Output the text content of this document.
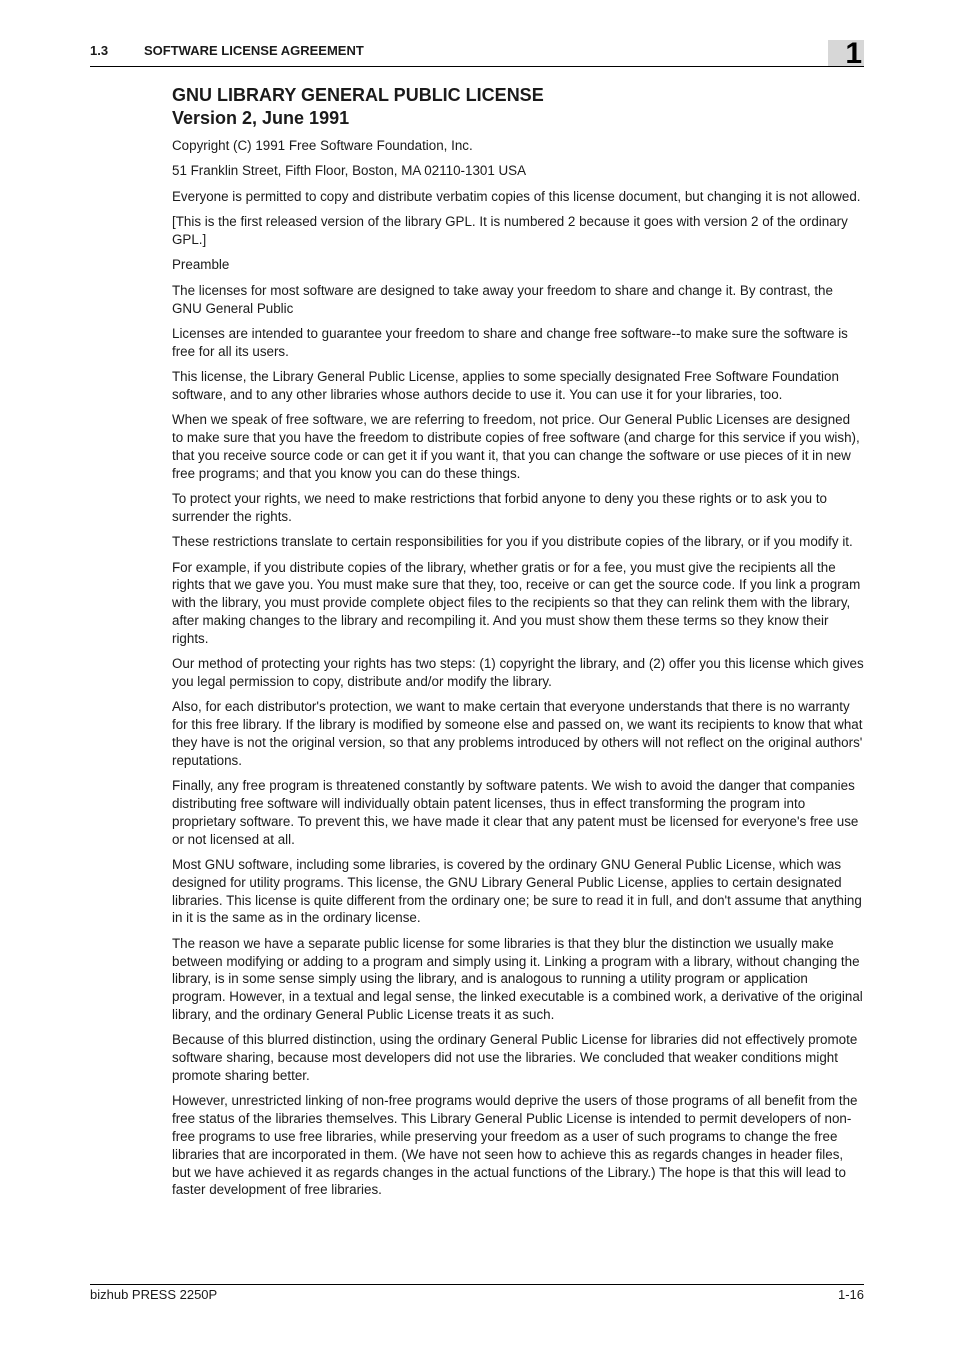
1.3	SOFTWARE LICENSE AGREEMENT	1
GNU LIBRARY GENERAL PUBLIC LICENSE
Version 2, June 1991

Copyright (C) 1991 Free Software Foundation, Inc.

51 Franklin Street, Fifth Floor, Boston, MA 02110-1301 USA

Everyone is permitted to copy and distribute verbatim copies of this license document, but changing it is not allowed.

[This is the first released version of the library GPL. It is numbered 2 because it goes with version 2 of the ordinary GPL.]

Preamble

The licenses for most software are designed to take away your freedom to share and change it. By contrast, the GNU General Public

Licenses are intended to guarantee your freedom to share and change free software--to make sure the software is free for all its users.

This license, the Library General Public License, applies to some specially designated Free Software Foundation software, and to any other libraries whose authors decide to use it. You can use it for your libraries, too.

When we speak of free software, we are referring to freedom, not price. Our General Public Licenses are designed to make sure that you have the freedom to distribute copies of free software (and charge for this service if you wish), that you receive source code or can get it if you want it, that you can change the software or use pieces of it in new free programs; and that you know you can do these things.

To protect your rights, we need to make restrictions that forbid anyone to deny you these rights or to ask you to surrender the rights.

These restrictions translate to certain responsibilities for you if you distribute copies of the library, or if you modify it.

For example, if you distribute copies of the library, whether gratis or for a fee, you must give the recipients all the rights that we gave you. You must make sure that they, too, receive or can get the source code. If you link a program with the library, you must provide complete object files to the recipients so that they can relink them with the library, after making changes to the library and recompiling it. And you must show them these terms so they know their rights.

Our method of protecting your rights has two steps: (1) copyright the library, and (2) offer you this license which gives you legal permission to copy, distribute and/or modify the library.

Also, for each distributor's protection, we want to make certain that everyone understands that there is no warranty for this free library. If the library is modified by someone else and passed on, we want its recipients to know that what they have is not the original version, so that any problems introduced by others will not reflect on the original authors' reputations.

Finally, any free program is threatened constantly by software patents. We wish to avoid the danger that companies distributing free software will individually obtain patent licenses, thus in effect transforming the program into proprietary software. To prevent this, we have made it clear that any patent must be licensed for everyone's free use or not licensed at all.

Most GNU software, including some libraries, is covered by the ordinary GNU General Public License, which was designed for utility programs. This license, the GNU Library General Public License, applies to certain designated libraries. This license is quite different from the ordinary one; be sure to read it in full, and don't assume that anything in it is the same as in the ordinary license.

The reason we have a separate public license for some libraries is that they blur the distinction we usually make between modifying or adding to a program and simply using it. Linking a program with a library, without changing the library, is in some sense simply using the library, and is analogous to running a utility program or application program. However, in a textual and legal sense, the linked executable is a combined work, a derivative of the original library, and the ordinary General Public License treats it as such.

Because of this blurred distinction, using the ordinary General Public License for libraries did not effectively promote software sharing, because most developers did not use the libraries. We concluded that weaker conditions might promote sharing better.

However, unrestricted linking of non-free programs would deprive the users of those programs of all benefit from the free status of the libraries themselves. This Library General Public License is intended to permit developers of non-free programs to use free libraries, while preserving your freedom as a user of such programs to change the free libraries that are incorporated in them. (We have not seen how to achieve this as regards changes in header files, but we have achieved it as regards changes in the actual functions of the Library.) The hope is that this will lead to faster development of free libraries.

bizhub PRESS 2250P	1-16
